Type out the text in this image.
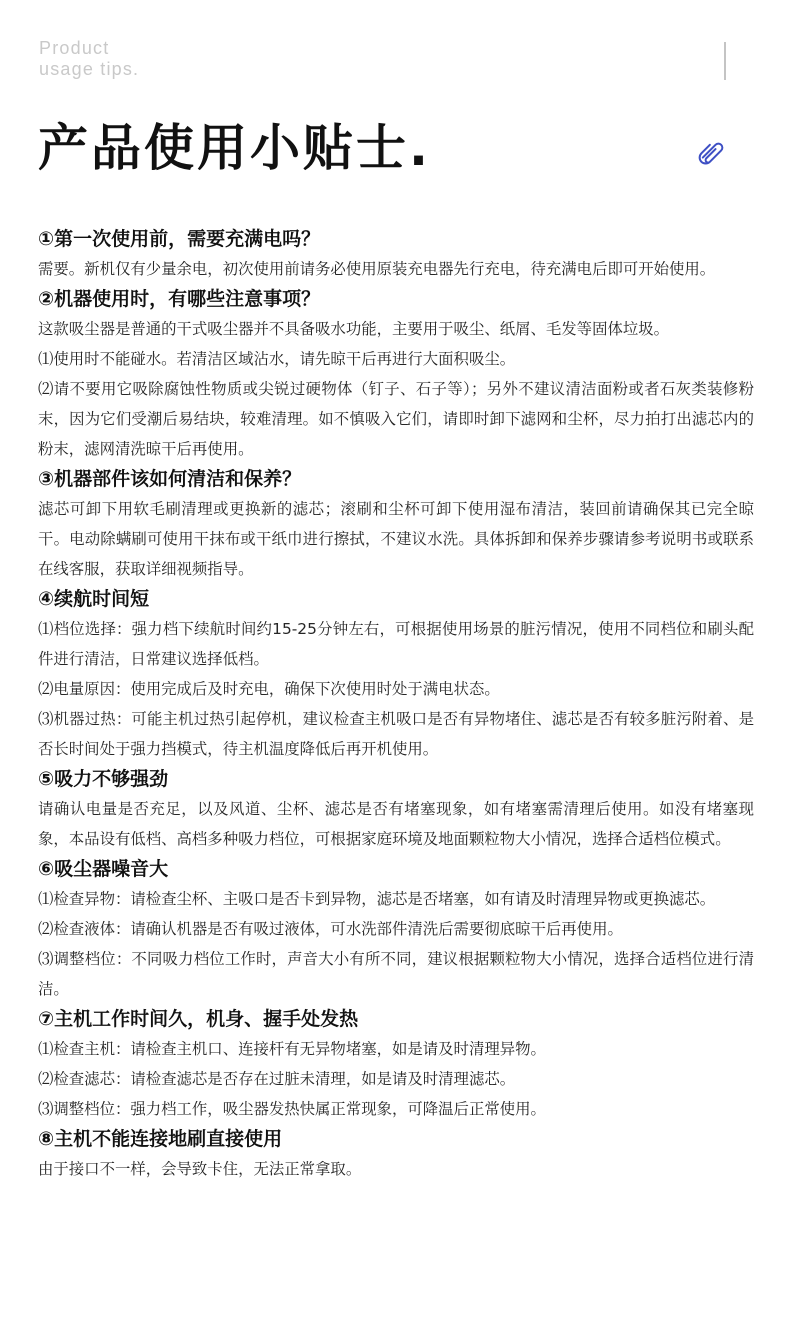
Product
usage tips.
产品使用小贴士.
①第一次使用前，需要充满电吗？
需要。新机仅有少量余电，初次使用前请务必使用原装充电器先行充电，待充满电后即可开始使用。
②机器使用时，有哪些注意事项？
这款吸尘器是普通的干式吸尘器并不具备吸水功能，主要用于吸尘、纸屑、毛发等固体垃圾。
⑴使用时不能碰水。若清洁区域沾水，请先晾干后再进行大面积吸尘。
⑵请不要用它吸除腐蚀性物质或尖锐过硬物体（钉子、石子等）；另外不建议清洁面粉或者石灰类装修粉末，因为它们受潮后易结块，较难清理。如不慎吸入它们，请即时卸下滤网和尘杯，尽力拍打出滤芯内的粉末，滤网清洗晾干后再使用。
③机器部件该如何清洁和保养？
滤芯可卸下用软毛刷清理或更换新的滤芯；滚刷和尘杯可卸下使用湿布清洁，装回前请确保其已完全晾干。电动除螨刷可使用干抹布或干纸巾进行擦拭，不建议水洗。具体拆卸和保养步骤请参考说明书或联系在线客服，获取详细视频指导。
④续航时间短
⑴档位选择：强力档下续航时间约15-25分钟左右，可根据使用场景的脏污情况，使用不同档位和刷头配件进行清洁，日常建议选择低档。
⑵电量原因：使用完成后及时充电，确保下次使用时处于满电状态。
⑶机器过热：可能主机过热引起停机，建议检查主机吸口是否有异物堵住、滤芯是否有较多脏污附着、是否长时间处于强力挡模式，待主机温度降低后再开机使用。
⑤吸力不够强劲
请确认电量是否充足，以及风道、尘杯、滤芯是否有堵塞现象，如有堵塞需清理后使用。如没有堵塞现象，本品设有低档、高档多种吸力档位，可根据家庭环境及地面颗粒物大小情况，选择合适档位模式。
⑥吸尘器噪音大
⑴检查异物：请检查尘杯、主吸口是否卡到异物，滤芯是否堵塞，如有请及时清理异物或更换滤芯。
⑵检查液体：请确认机器是否有吸过液体，可水洗部件清洗后需要彻底晾干后再使用。
⑶调整档位：不同吸力档位工作时，声音大小有所不同，建议根据颗粒物大小情况，选择合适档位进行清洁。
⑦主机工作时间久，机身、握手处发热
⑴检查主机：请检查主机口、连接杆有无异物堵塞，如是请及时清理异物。
⑵检查滤芯：请检查滤芯是否存在过脏未清理，如是请及时清理滤芯。
⑶调整档位：强力档工作，吸尘器发热快属正常现象，可降温后正常使用。
⑧主机不能连接地刷直接使用
由于接口不一样，会导致卡住，无法正常拿取。
